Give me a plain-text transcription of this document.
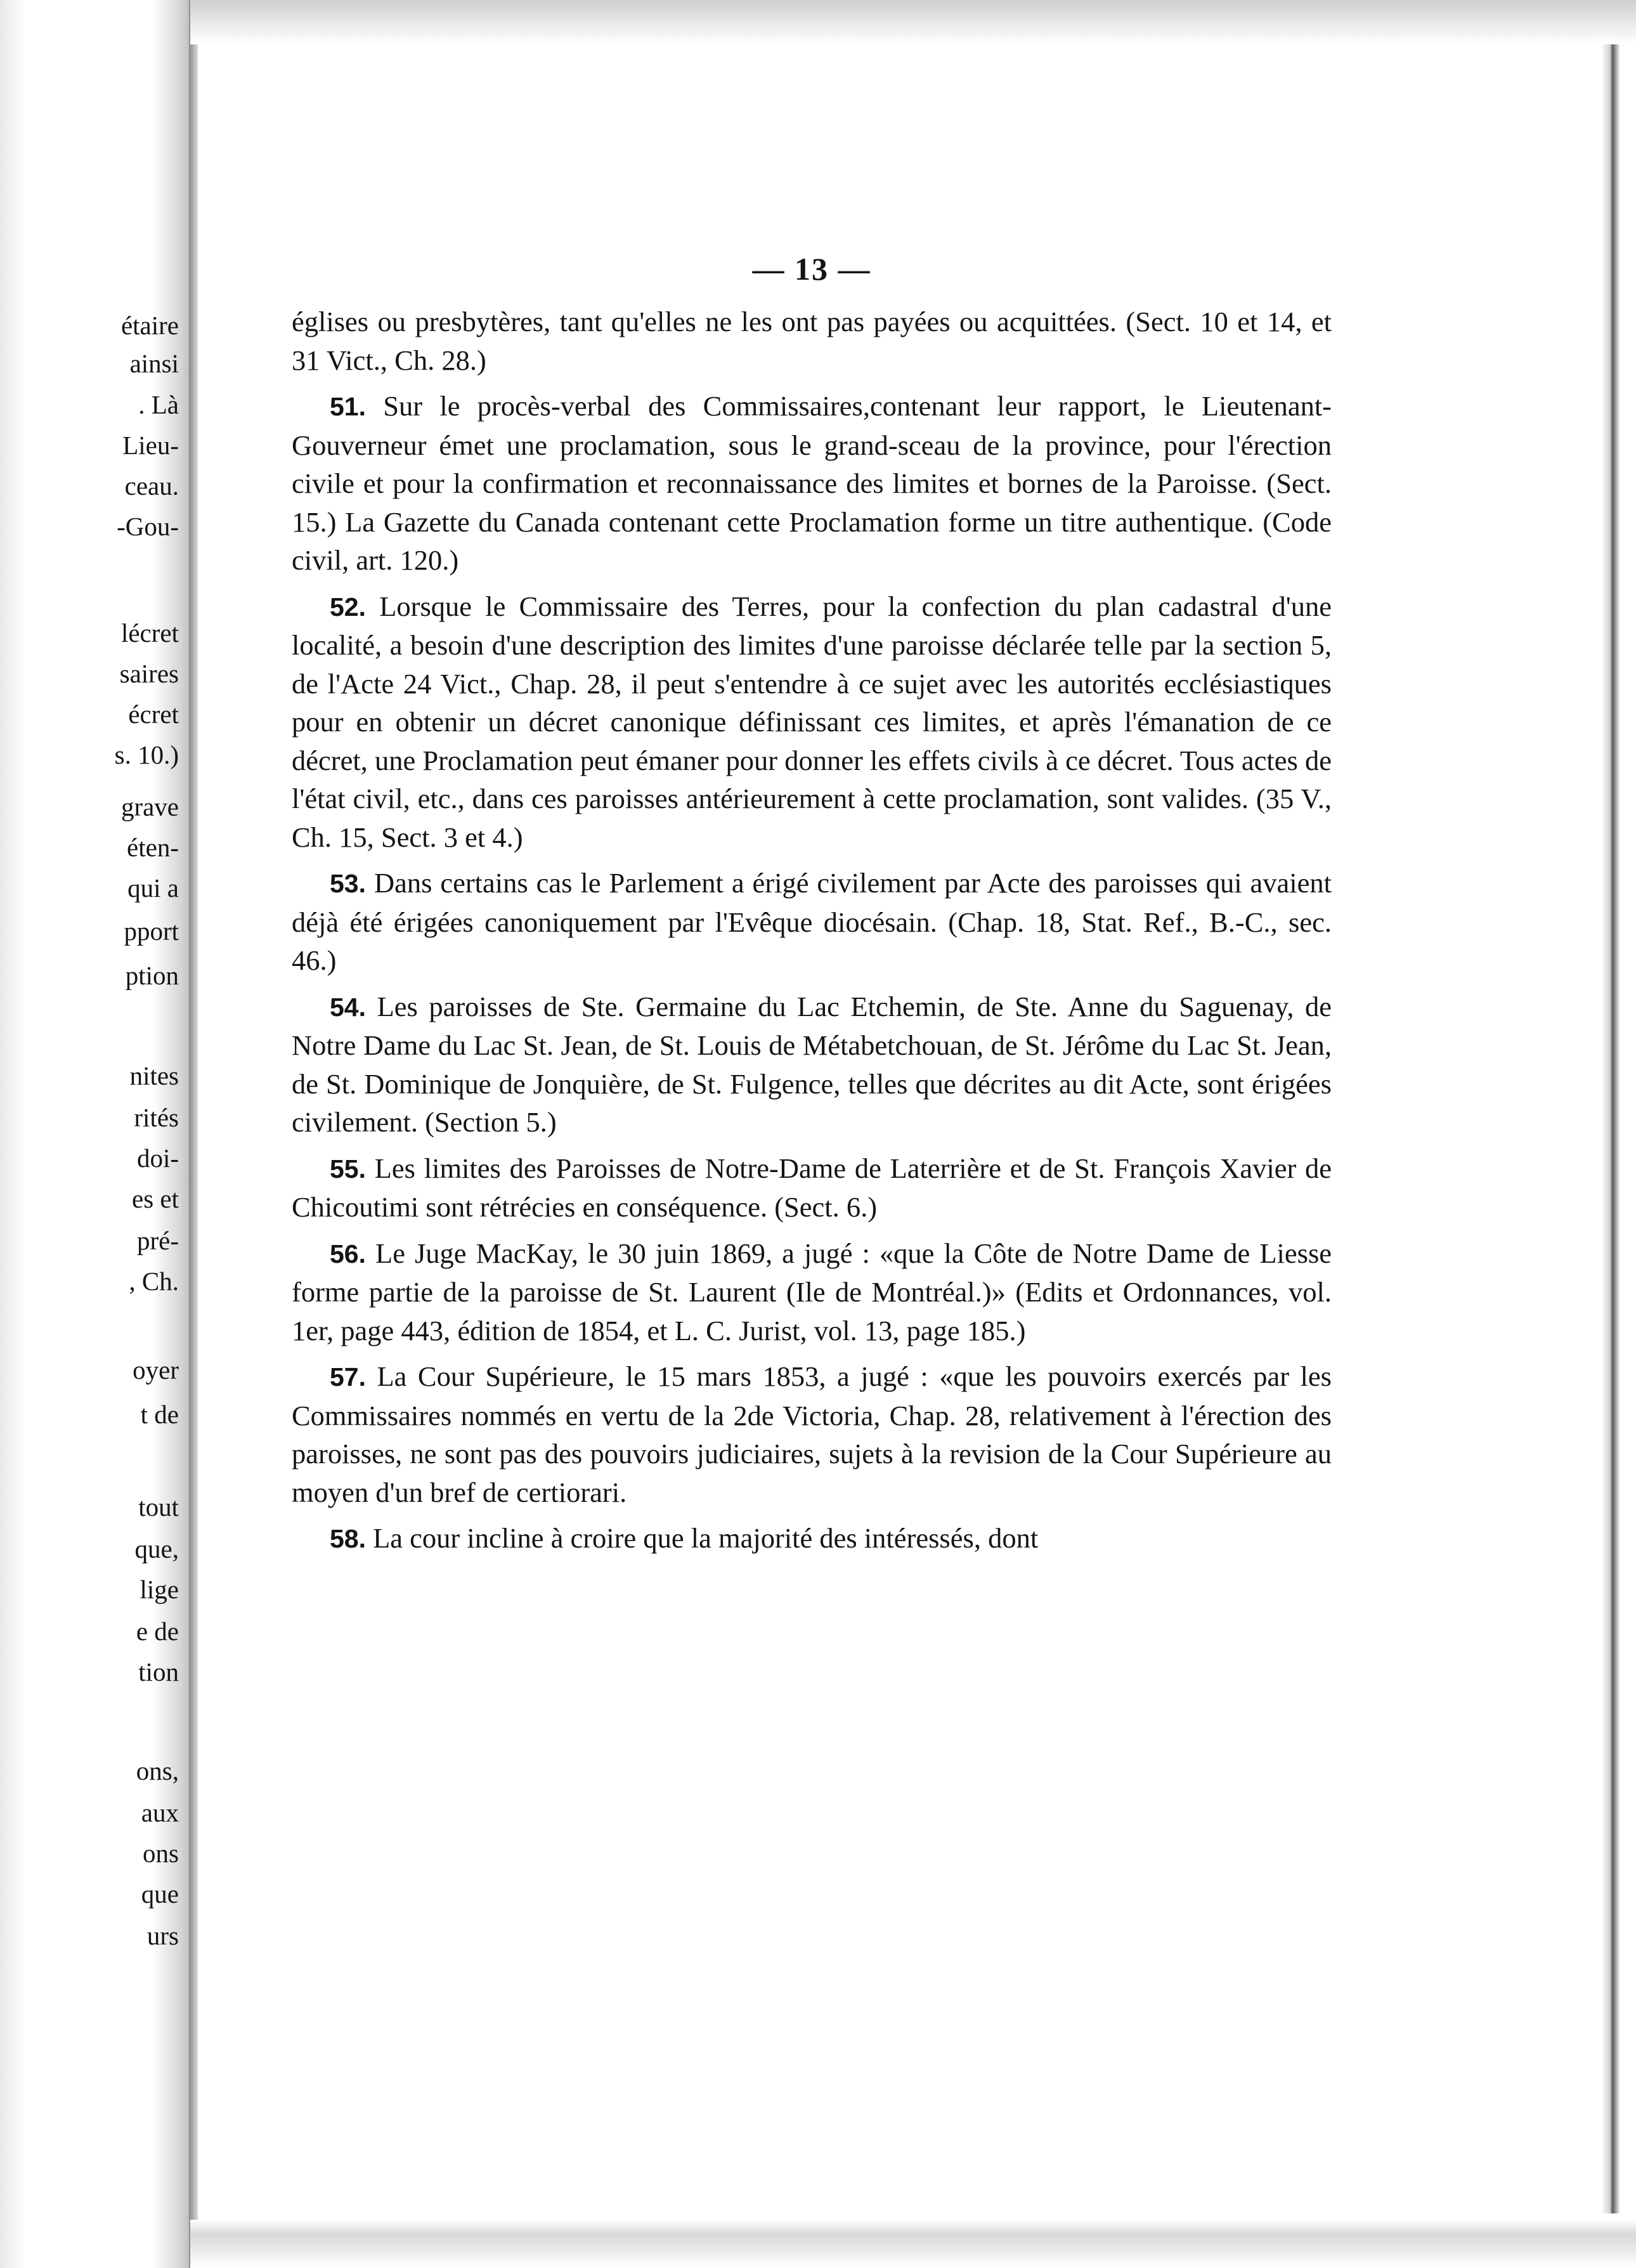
étaire
ainsi
. Là
Lieu-
ceau.
-Gou-
lécret
saires
écret
s. 10.)
grave
éten-
qui a
pport
ption
nites
rités
doi-
es et
pré-
, Ch.
oyer
t de
tout
que,
lige
e de
tion
ons,
aux
ons
que
urs
— 13 —

églises ou presbytères, tant qu'elles ne les ont pas payées ou acquittées. (Sect. 10 et 14, et 31 Vict., Ch. 28.)

51. Sur le procès-verbal des Commissaires,contenant leur rapport, le Lieutenant-Gouverneur émet une proclamation, sous le grand-sceau de la province, pour l'érection civile et pour la confirmation et reconnaissance des limites et bornes de la Paroisse. (Sect. 15.) La Gazette du Canada contenant cette Proclamation forme un titre authentique. (Code civil, art. 120.)

52. Lorsque le Commissaire des Terres, pour la confection du plan cadastral d'une localité, a besoin d'une description des limites d'une paroisse déclarée telle par la section 5, de l'Acte 24 Vict., Chap. 28, il peut s'entendre à ce sujet avec les autorités ecclésiastiques pour en obtenir un décret canonique définissant ces limites, et après l'émanation de ce décret, une Proclamation peut émaner pour donner les effets civils à ce décret. Tous actes de l'état civil, etc., dans ces paroisses antérieurement à cette proclamation, sont valides. (35 V., Ch. 15, Sect. 3 et 4.)

53. Dans certains cas le Parlement a érigé civilement par Acte des paroisses qui avaient déjà été érigées canoniquement par l'Evêque diocésain. (Chap. 18, Stat. Ref., B.-C., sec. 46.)

54. Les paroisses de Ste. Germaine du Lac Etchemin, de Ste. Anne du Saguenay, de Notre Dame du Lac St. Jean, de St. Louis de Métabetchouan, de St. Jérôme du Lac St. Jean, de St. Dominique de Jonquière, de St. Fulgence, telles que décrites au dit Acte, sont érigées civilement. (Section 5.)

55. Les limites des Paroisses de Notre-Dame de Laterrière et de St. François Xavier de Chicoutimi sont rétrécies en conséquence. (Sect. 6.)

56. Le Juge MacKay, le 30 juin 1869, a jugé : «que la Côte de Notre Dame de Liesse forme partie de la paroisse de St. Laurent (Ile de Montréal.)» (Edits et Ordonnances, vol. 1er, page 443, édition de 1854, et L. C. Jurist, vol. 13, page 185.)

57. La Cour Supérieure, le 15 mars 1853, a jugé : «que les pouvoirs exercés par les Commissaires nommés en vertu de la 2de Victoria, Chap. 28, relativement à l'érection des paroisses, ne sont pas des pouvoirs judiciaires, sujets à la revision de la Cour Supérieure au moyen d'un bref de certiorari.

58. La cour incline à croire que la majorité des intéressés, dont
